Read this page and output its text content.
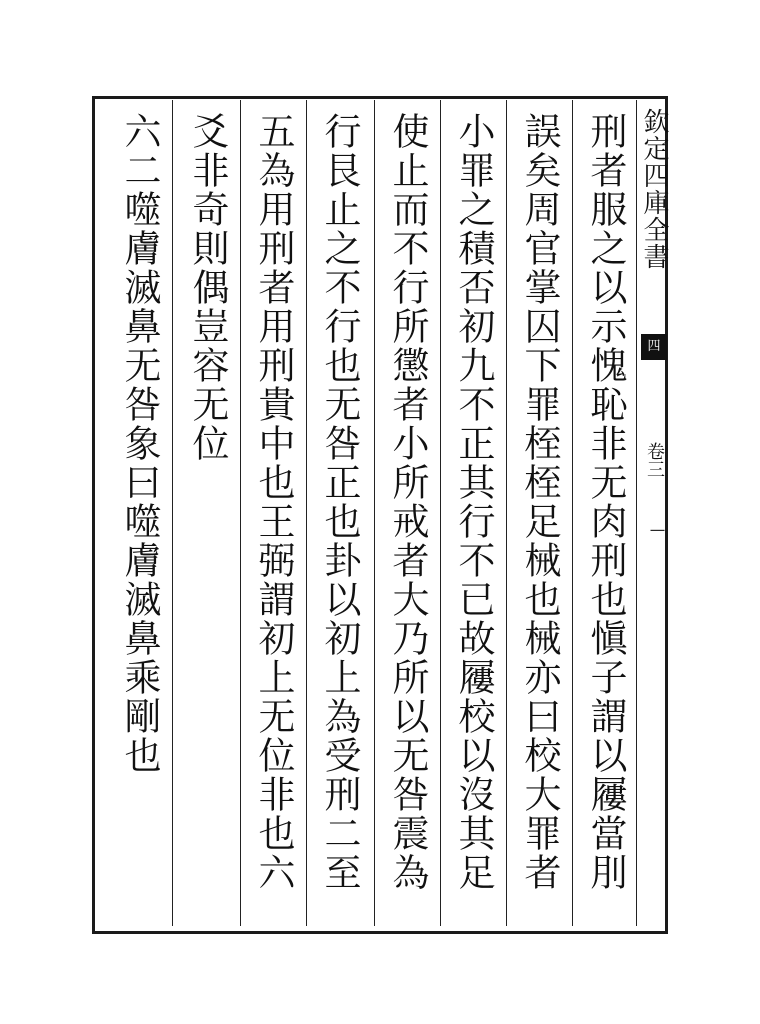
欽定四庫全書
四
卷三
|
刑者服之以示愧恥非无肉刑也愼子謂以屨當刖
誤矣周官掌囚下罪桎桎足械也械亦曰校大罪者
小罪之積否初九不正其行不已故屨校以沒其足
使止而不行所懲者小所戒者大乃所以无咎震為
行艮止之不行也无咎正也卦以初上為受刑二至
五為用刑者用刑貴中也王弼謂初上无位非也六
爻非奇則偶豈容无位
六二噬膚滅鼻无咎象曰噬膚滅鼻乘剛也
